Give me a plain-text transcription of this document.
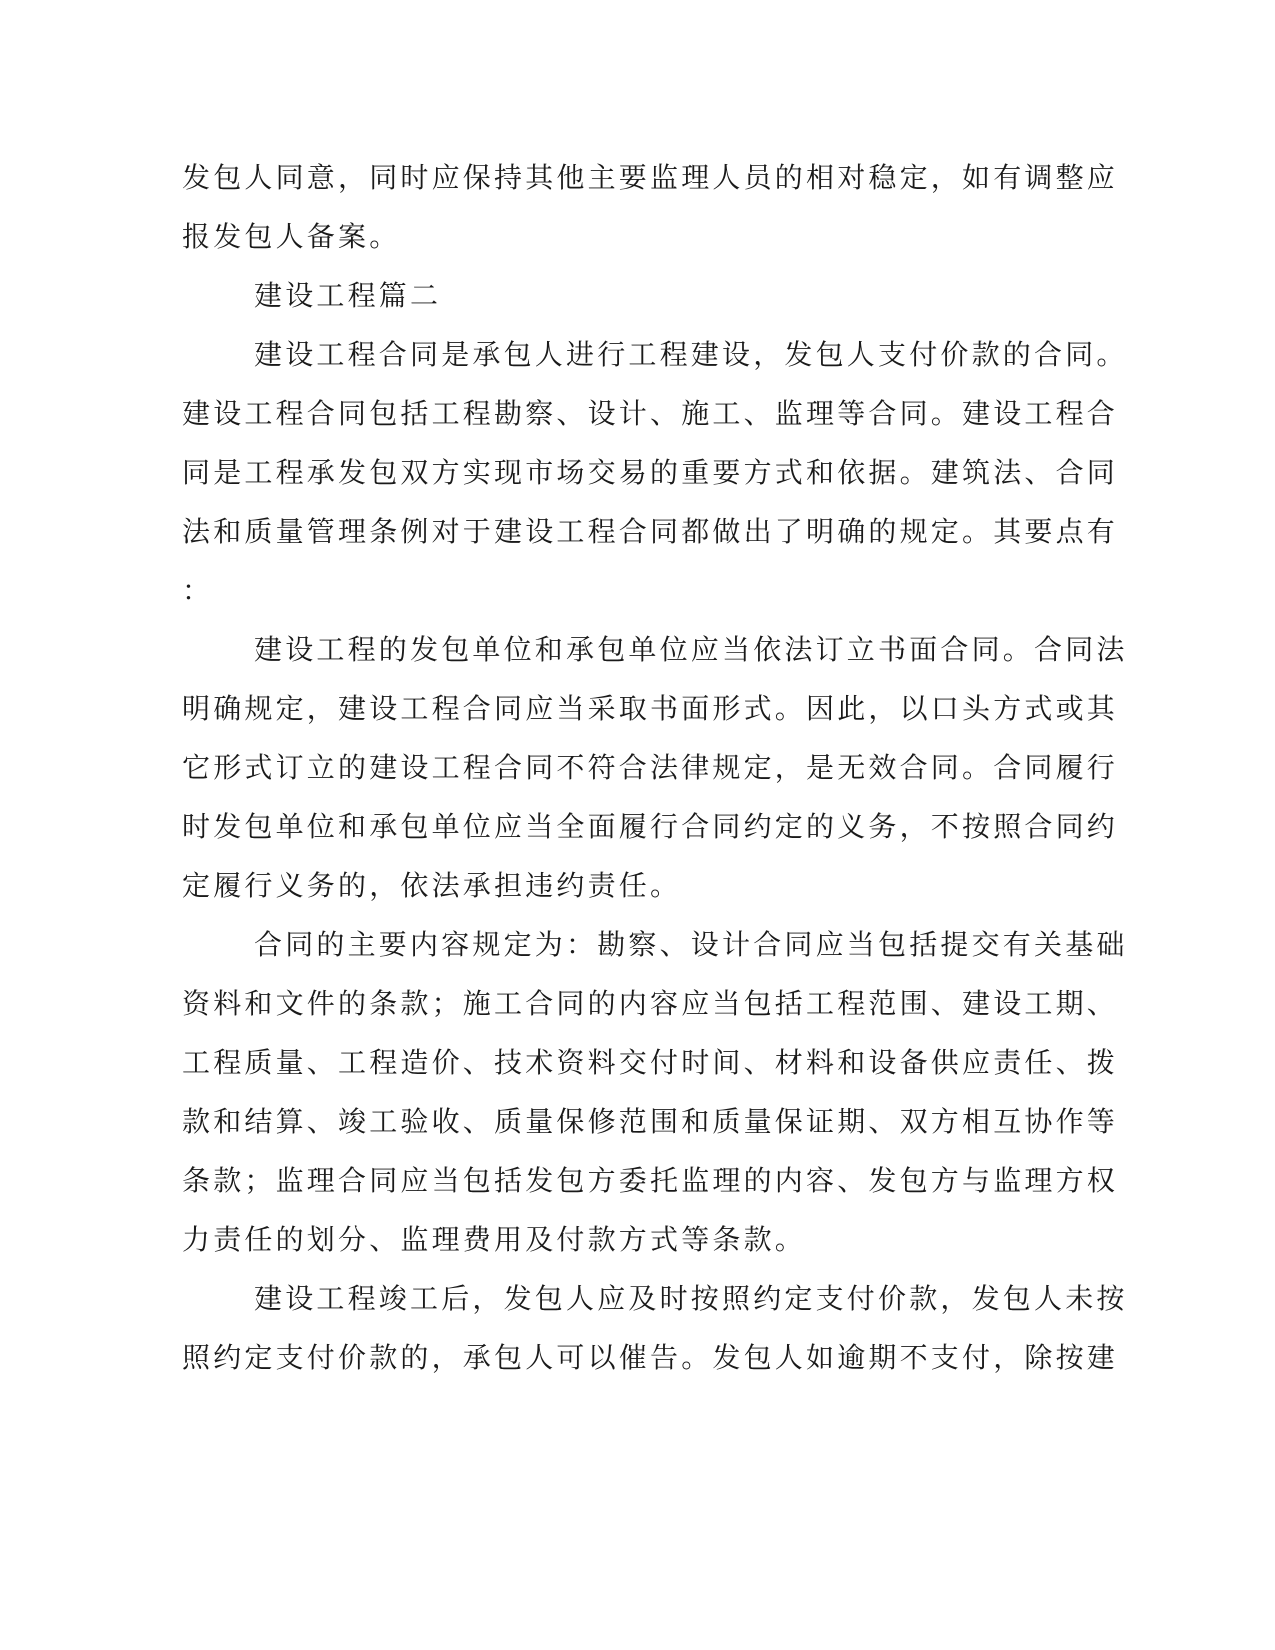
发包人同意，同时应保持其他主要监理人员的相对稳定，如有调整应
报发包人备案。
建设工程篇二
建设工程合同是承包人进行工程建设，发包人支付价款的合同。
建设工程合同包括工程勘察、设计、施工、监理等合同。建设工程合
同是工程承发包双方实现市场交易的重要方式和依据。建筑法、合同
法和质量管理条例对于建设工程合同都做出了明确的规定。其要点有
：
建设工程的发包单位和承包单位应当依法订立书面合同。合同法
明确规定，建设工程合同应当采取书面形式。因此，以口头方式或其
它形式订立的建设工程合同不符合法律规定，是无效合同。合同履行
时发包单位和承包单位应当全面履行合同约定的义务，不按照合同约
定履行义务的，依法承担违约责任。
合同的主要内容规定为：勘察、设计合同应当包括提交有关基础
资料和文件的条款；施工合同的内容应当包括工程范围、建设工期、
工程质量、工程造价、技术资料交付时间、材料和设备供应责任、拨
款和结算、竣工验收、质量保修范围和质量保证期、双方相互协作等
条款；监理合同应当包括发包方委托监理的内容、发包方与监理方权
力责任的划分、监理费用及付款方式等条款。
建设工程竣工后，发包人应及时按照约定支付价款，发包人未按
照约定支付价款的，承包人可以催告。发包人如逾期不支付，除按建
